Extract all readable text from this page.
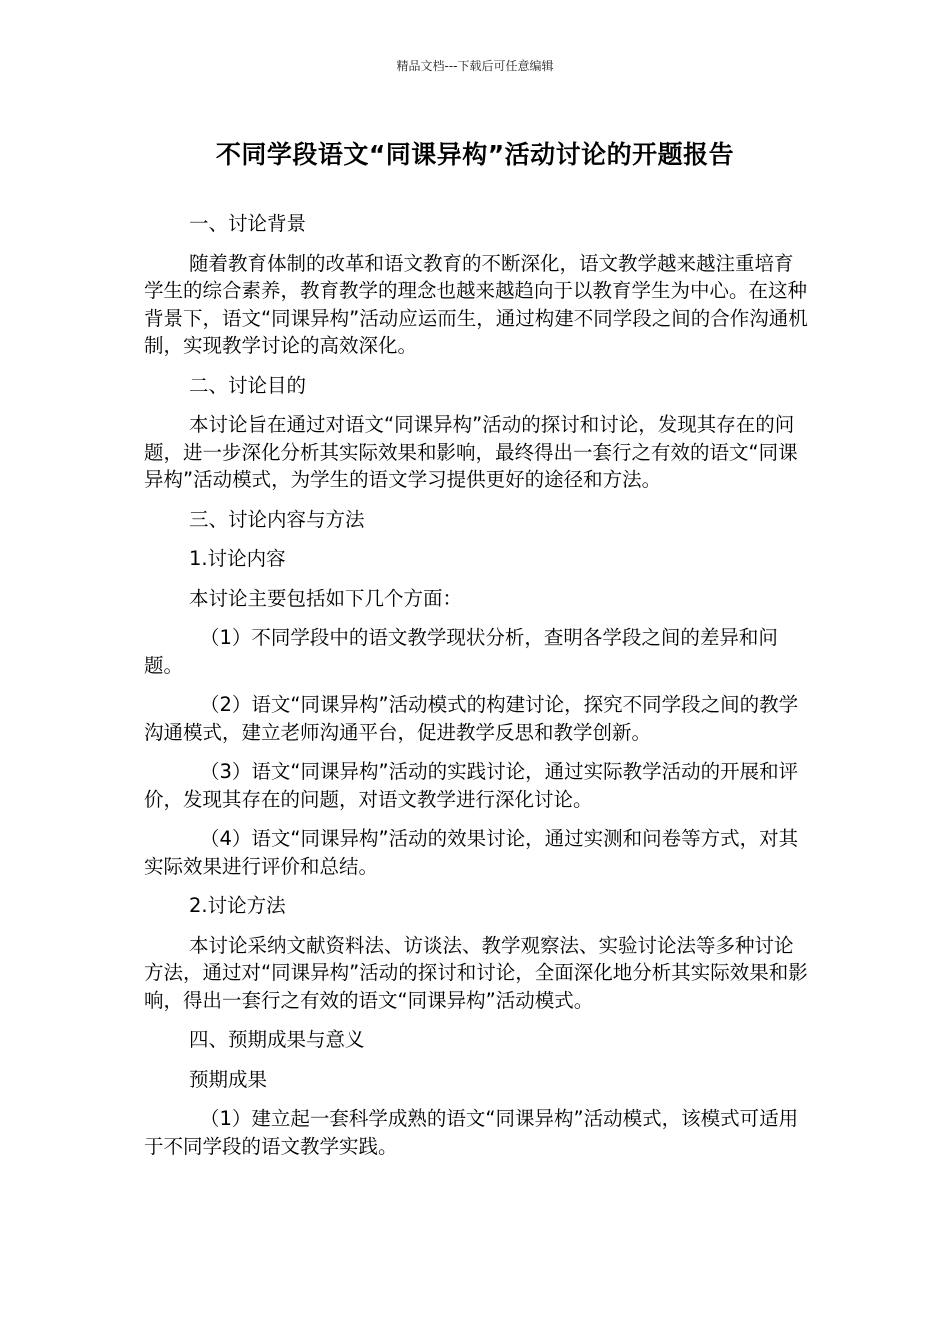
精品文档---下载后可任意编辑
不同学段语文“同课异构”活动讨论的开题报告

一、讨论背景

随着教育体制的改革和语文教育的不断深化，语文教学越来越注重培育学生的综合素养，教育教学的理念也越来越趋向于以教育学生为中心。在这种背景下，语文“同课异构”活动应运而生，通过构建不同学段之间的合作沟通机制，实现教学讨论的高效深化。

二、讨论目的

本讨论旨在通过对语文“同课异构”活动的探讨和讨论，发现其存在的问题，进一步深化分析其实际效果和影响，最终得出一套行之有效的语文“同课异构”活动模式，为学生的语文学习提供更好的途径和方法。

三、讨论内容与方法

1.讨论内容

本讨论主要包括如下几个方面：

（1）不同学段中的语文教学现状分析，查明各学段之间的差异和问题。

（2）语文“同课异构”活动模式的构建讨论，探究不同学段之间的教学沟通模式，建立老师沟通平台，促进教学反思和教学创新。

（3）语文“同课异构”活动的实践讨论，通过实际教学活动的开展和评价，发现其存在的问题，对语文教学进行深化讨论。

（4）语文“同课异构”活动的效果讨论，通过实测和问卷等方式，对其实际效果进行评价和总结。

2.讨论方法

本讨论采纳文献资料法、访谈法、教学观察法、实验讨论法等多种讨论方法，通过对“同课异构”活动的探讨和讨论，全面深化地分析其实际效果和影响，得出一套行之有效的语文“同课异构”活动模式。

四、预期成果与意义

预期成果

（1）建立起一套科学成熟的语文“同课异构”活动模式，该模式可适用于不同学段的语文教学实践。
